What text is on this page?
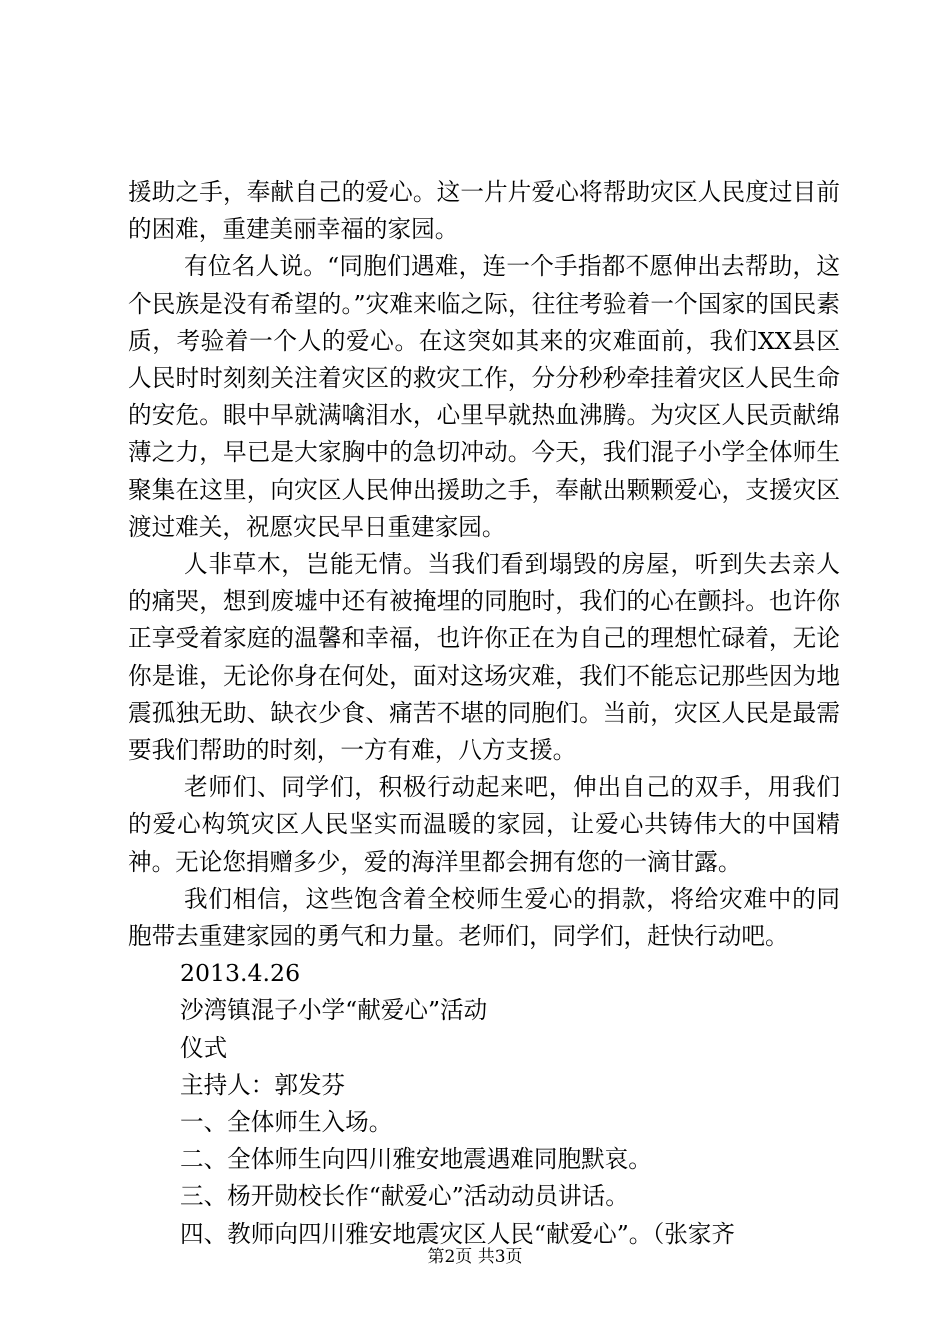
援助之手，奉献自己的爱心。这一片片爱心将帮助灾区人民度过目前的困难，重建美丽幸福的家园。

有位名人说。“同胞们遇难，连一个手指都不愿伸出去帮助，这个民族是没有希望的。”灾难来临之际，往往考验着一个国家的国民素质，考验着一个人的爱心。在这突如其来的灾难面前，我们XX县区人民时时刻刻关注着灾区的救灾工作，分分秒秒牵挂着灾区人民生命的安危。眼中早就满噙泪水，心里早就热血沸腾。为灾区人民贡献绵薄之力，早已是大家胸中的急切冲动。今天，我们混子小学全体师生聚集在这里，向灾区人民伸出援助之手，奉献出颗颗爱心，支援灾区渡过难关，祝愿灾民早日重建家园。

人非草木，岂能无情。当我们看到塌毁的房屋，听到失去亲人的痛哭，想到废墟中还有被掩埋的同胞时，我们的心在颤抖。也许你正享受着家庭的温馨和幸福，也许你正在为自己的理想忙碌着，无论你是谁，无论你身在何处，面对这场灾难，我们不能忘记那些因为地震孤独无助、缺衣少食、痛苦不堪的同胞们。当前，灾区人民是最需要我们帮助的时刻，一方有难，八方支援。

老师们、同学们，积极行动起来吧，伸出自己的双手，用我们的爱心构筑灾区人民坚实而温暖的家园，让爱心共铸伟大的中国精神。无论您捐赠多少，爱的海洋里都会拥有您的一滴甘露。

我们相信，这些饱含着全校师生爱心的捐款，将给灾难中的同胞带去重建家园的勇气和力量。老师们，同学们，赶快行动吧。

2013.4.26

沙湾镇混子小学“献爱心”活动

仪式

主持人：郭发芬

一、全体师生入场。

二、全体师生向四川雅安地震遇难同胞默哀。

三、杨开勋校长作“献爱心”活动动员讲话。

四、教师向四川雅安地震灾区人民“献爱心”。（张家齐

第2页 共3页
